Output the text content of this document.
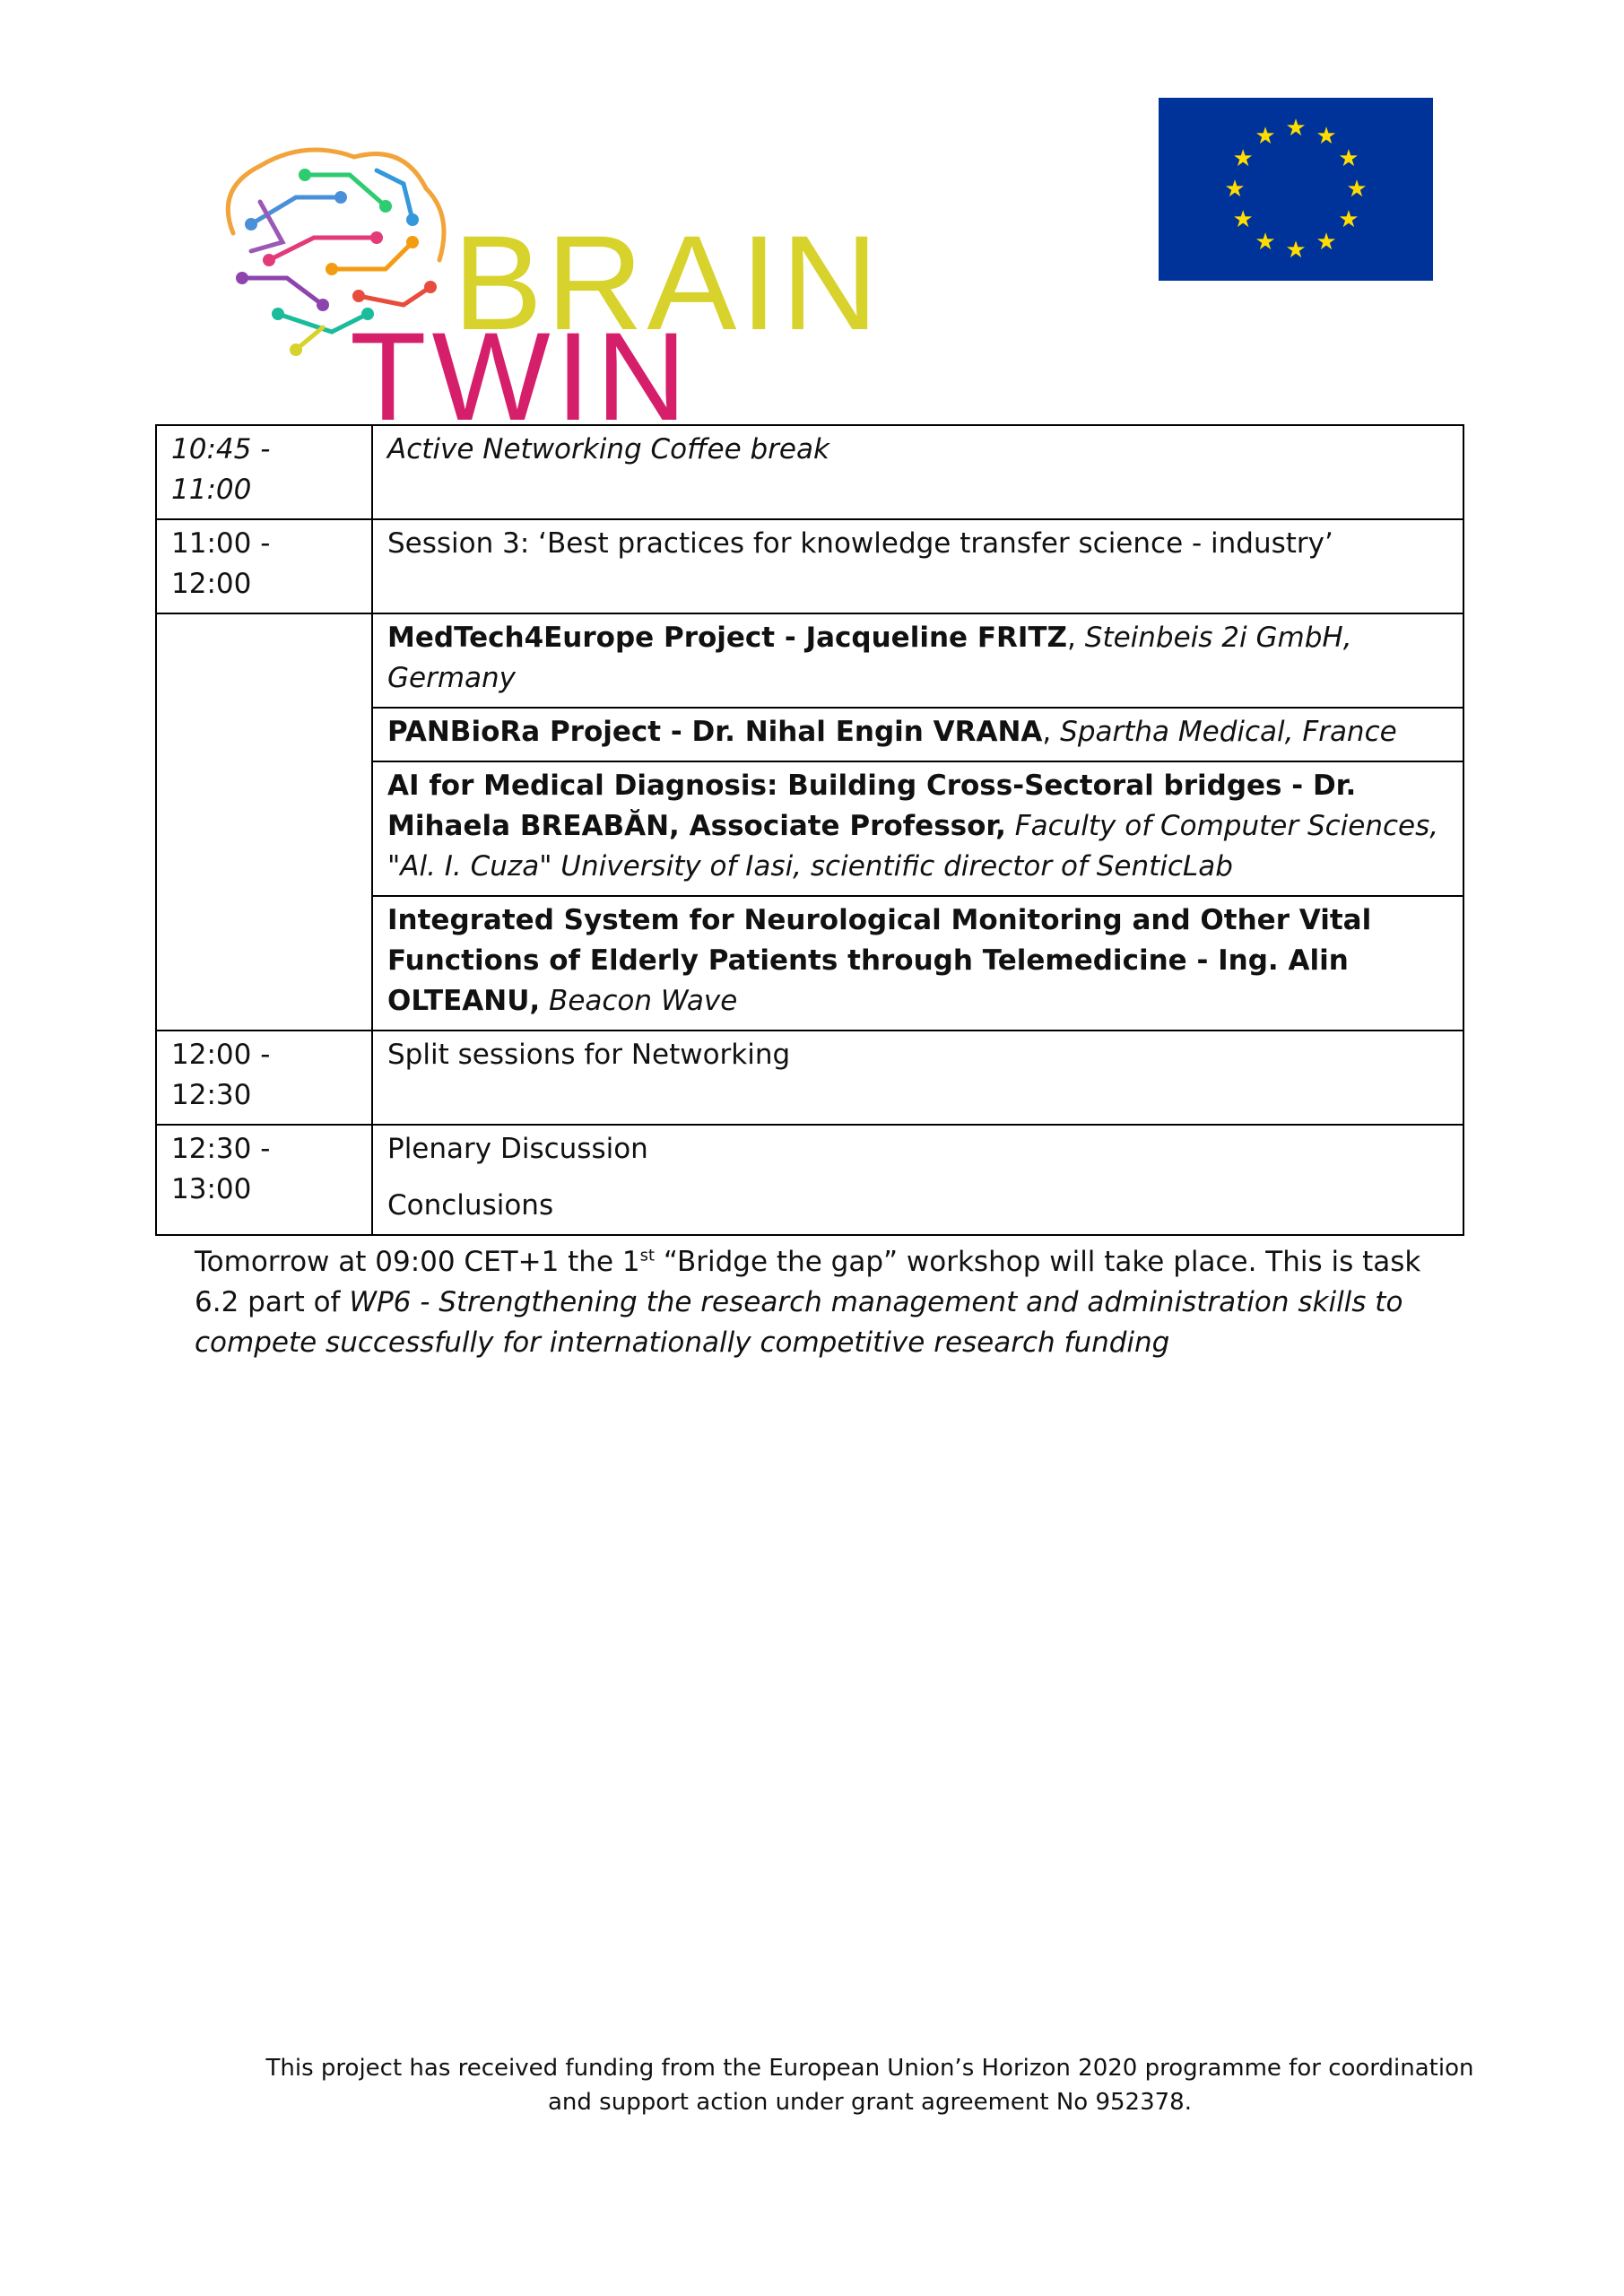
BRAIN
TWIN
★ ★
★
★
★
★
★
★
★
★
★
★
10:45 - 11:00	Active Networking Coffee break
11:00 - 12:00	Session 3: ‘Best practices for knowledge transfer science - industry’
	MedTech4Europe Project - Jacqueline FRITZ, Steinbeis 2i GmbH, Germany
	PANBioRa Project - Dr. Nihal Engin VRANA, Spartha Medical, France
	AI for Medical Diagnosis: Building Cross-Sectoral bridges - Dr. Mihaela BREABĂN, Associate Professor, Faculty of Computer Sciences, "Al. I. Cuza" University of Iasi, scientific director of SenticLab
	Integrated System for Neurological Monitoring and Other Vital Functions of Elderly Patients through Telemedicine - Ing. Alin OLTEANU, Beacon Wave
12:00 - 12:30	Split sessions for Networking
12:30 - 13:00	Plenary Discussion
Conclusions
Tomorrow at 09:00 CET+1 the 1st “Bridge the gap” workshop will take place. This is task 6.2 part of WP6 - Strengthening the research management and administration skills to compete successfully for internationally competitive research funding
This project has received funding from the European Union’s Horizon 2020 programme for coordination
and support action under grant agreement No 952378.
